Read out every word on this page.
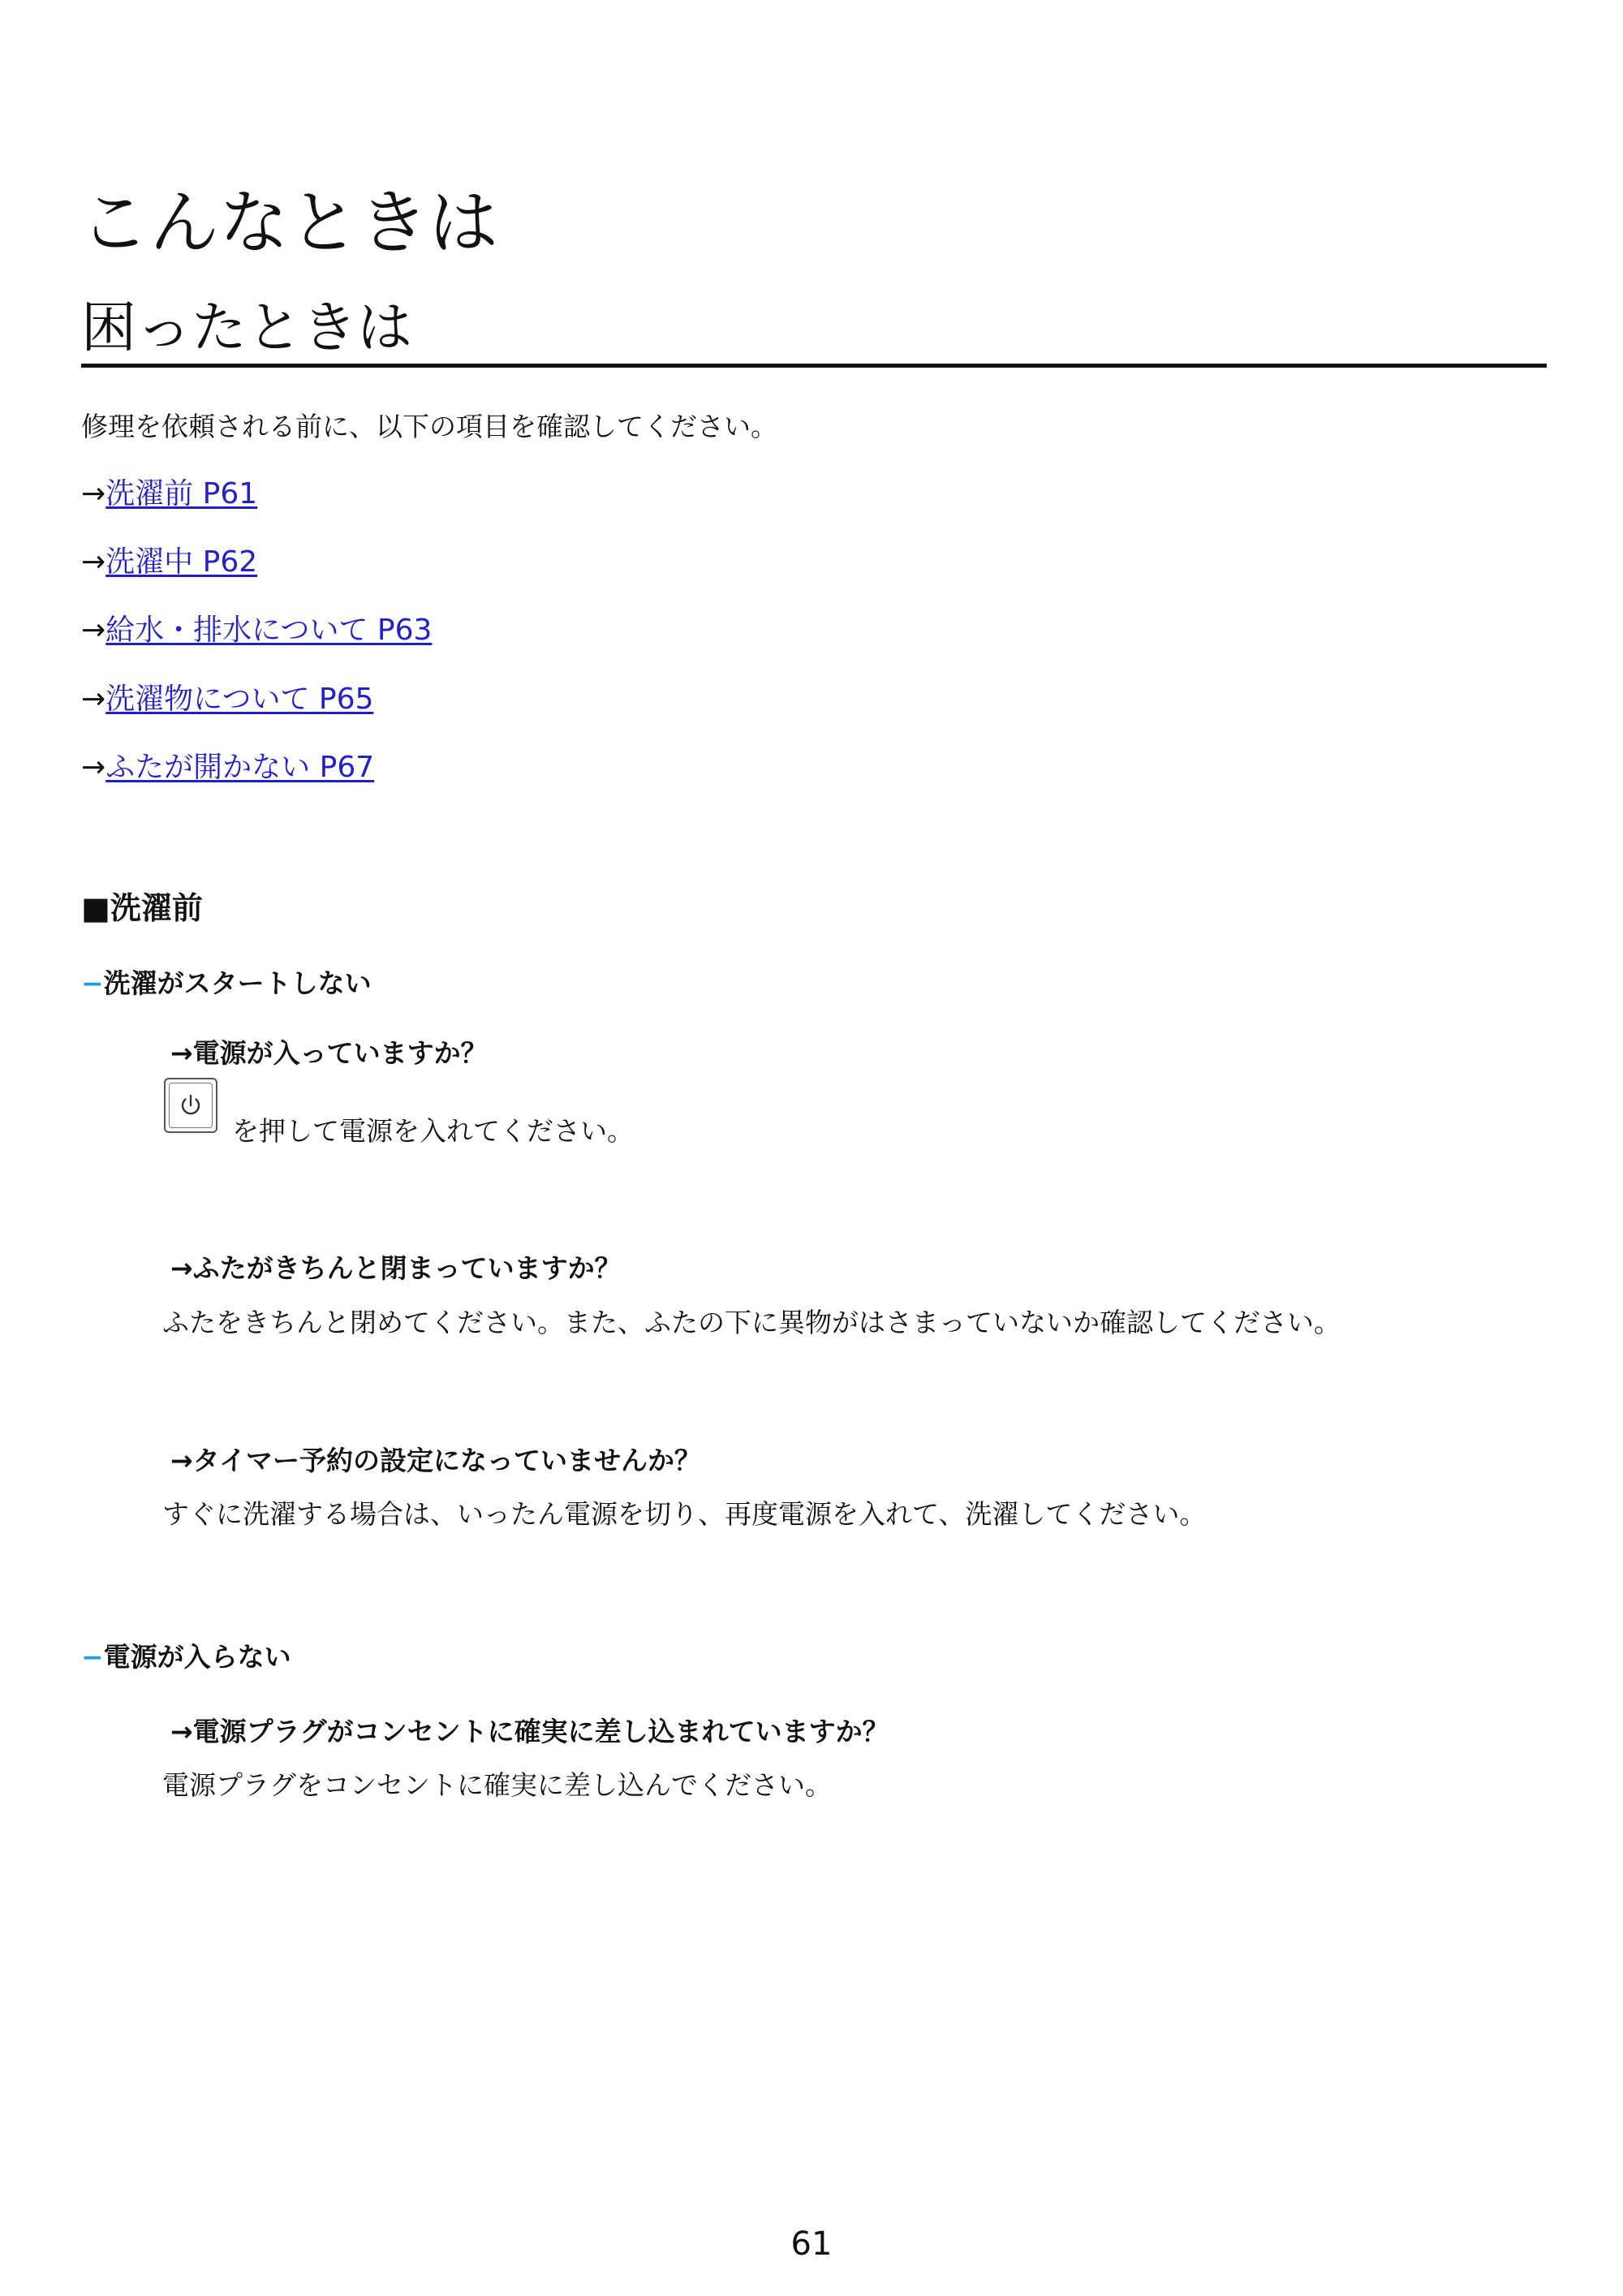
こんなときは
困ったときは
修理を依頼される前に、以下の項目を確認してください。
→洗濯前 P61
→洗濯中 P62
→給水・排水について P63
→洗濯物について P65
→ふたが開かない P67
■洗濯前
−洗濯がスタートしない
→電源が入っていますか？
を押して電源を入れてください。
→ふたがきちんと閉まっていますか？
ふたをきちんと閉めてください。また、ふたの下に異物がはさまっていないか確認してください。
→タイマー予約の設定になっていませんか？
すぐに洗濯する場合は、いったん電源を切り、再度電源を入れて、洗濯してください。
−電源が入らない
→電源プラグがコンセントに確実に差し込まれていますか？
電源プラグをコンセントに確実に差し込んでください。
61
